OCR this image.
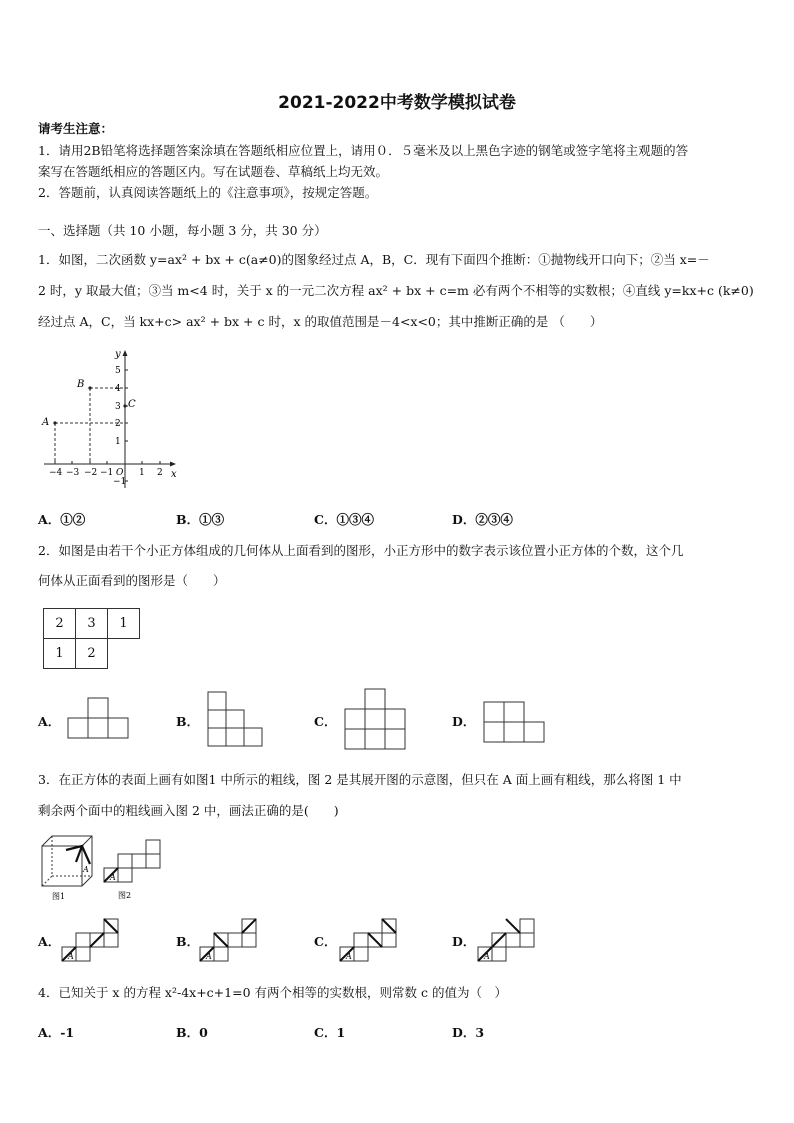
2021-2022中考数学模拟试卷
请考生注意：
1．请用2B铅笔将选择题答案涂填在答题纸相应位置上，请用０．５毫米及以上黑色字迹的钢笔或签字笔将主观题的答
案写在答题纸相应的答题区内。写在试题卷、草稿纸上均无效。
2．答题前，认真阅读答题纸上的《注意事项》，按规定答题。
一、选择题（共 10 小题，每小题 3 分，共 30 分）
1．如图，二次函数 y=ax² + bx + c(a≠0)的图象经过点 A，B，C．现有下面四个推断：①抛物线开口向下；②当 x=－
2 时，y 取最大值；③当 m<4 时，关于 x 的一元二次方程 ax² + bx + c=m 必有两个不相等的实数根；④直线 y=kx+c (k≠0)
经过点 A，C，当 kx+c> ax² + bx + c 时，x 的取值范围是－4<x<0；其中推断正确的是 （　　）
y
x
O
A
B
C
5
4
3
2
1
−1
−4 −3 −2 −1	1 2
A．①②	B．①③	C．①③④	D．②③④
2．如图是由若干个小正方体组成的几何体从上面看到的图形，小正方形中的数字表示该位置小正方体的个数，这个几
何体从正面看到的图形是（　　）
2	3	1
1	2	
A．	B．	C．	D．
3．在正方体的表面上画有如图1 中所示的粗线，图 2 是其展开图的示意图，但只在 A 面上画有粗线，那么将图 1 中
剩余两个面中的粗线画入图 2 中，画法正确的是(　　)
A
图1
A
图2
A．
A
B．
A
C．
A
D．
A
4．已知关于 x 的方程 x²-4x+c+1=0 有两个相等的实数根，则常数 c 的值为（　）
A．-1	B．0	C．1	D．3
